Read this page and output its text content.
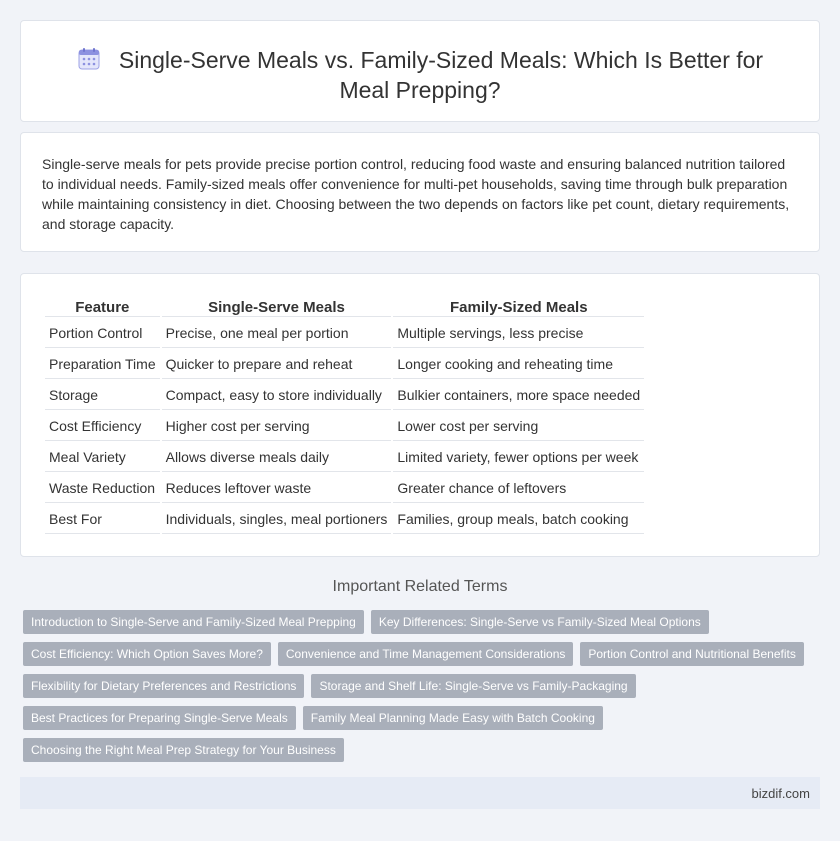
Single-Serve Meals vs. Family-Sized Meals: Which Is Better for Meal Prepping?

Single-serve meals for pets provide precise portion control, reducing food waste and ensuring balanced nutrition tailored to individual needs. Family-sized meals offer convenience for multi-pet households, saving time through bulk preparation while maintaining consistency in diet. Choosing between the two depends on factors like pet count, dietary requirements, and storage capacity.

Feature	Single-Serve Meals	Family-Sized Meals
Portion Control	Precise, one meal per portion	Multiple servings, less precise
Preparation Time	Quicker to prepare and reheat	Longer cooking and reheating time
Storage	Compact, easy to store individually	Bulkier containers, more space needed
Cost Efficiency	Higher cost per serving	Lower cost per serving
Meal Variety	Allows diverse meals daily	Limited variety, fewer options per week
Waste Reduction	Reduces leftover waste	Greater chance of leftovers
Best For	Individuals, singles, meal portioners	Families, group meals, batch cooking
Important Related Terms
Introduction to Single-Serve and Family-Sized Meal Prepping	Key Differences: Single-Serve vs Family-Sized Meal Options
Cost Efficiency: Which Option Saves More?	Convenience and Time Management Considerations	Portion Control and Nutritional Benefits
Flexibility for Dietary Preferences and Restrictions	Storage and Shelf Life: Single-Serve vs Family-Packaging
Best Practices for Preparing Single-Serve Meals	Family Meal Planning Made Easy with Batch Cooking
Choosing the Right Meal Prep Strategy for Your Business
bizdif.com
